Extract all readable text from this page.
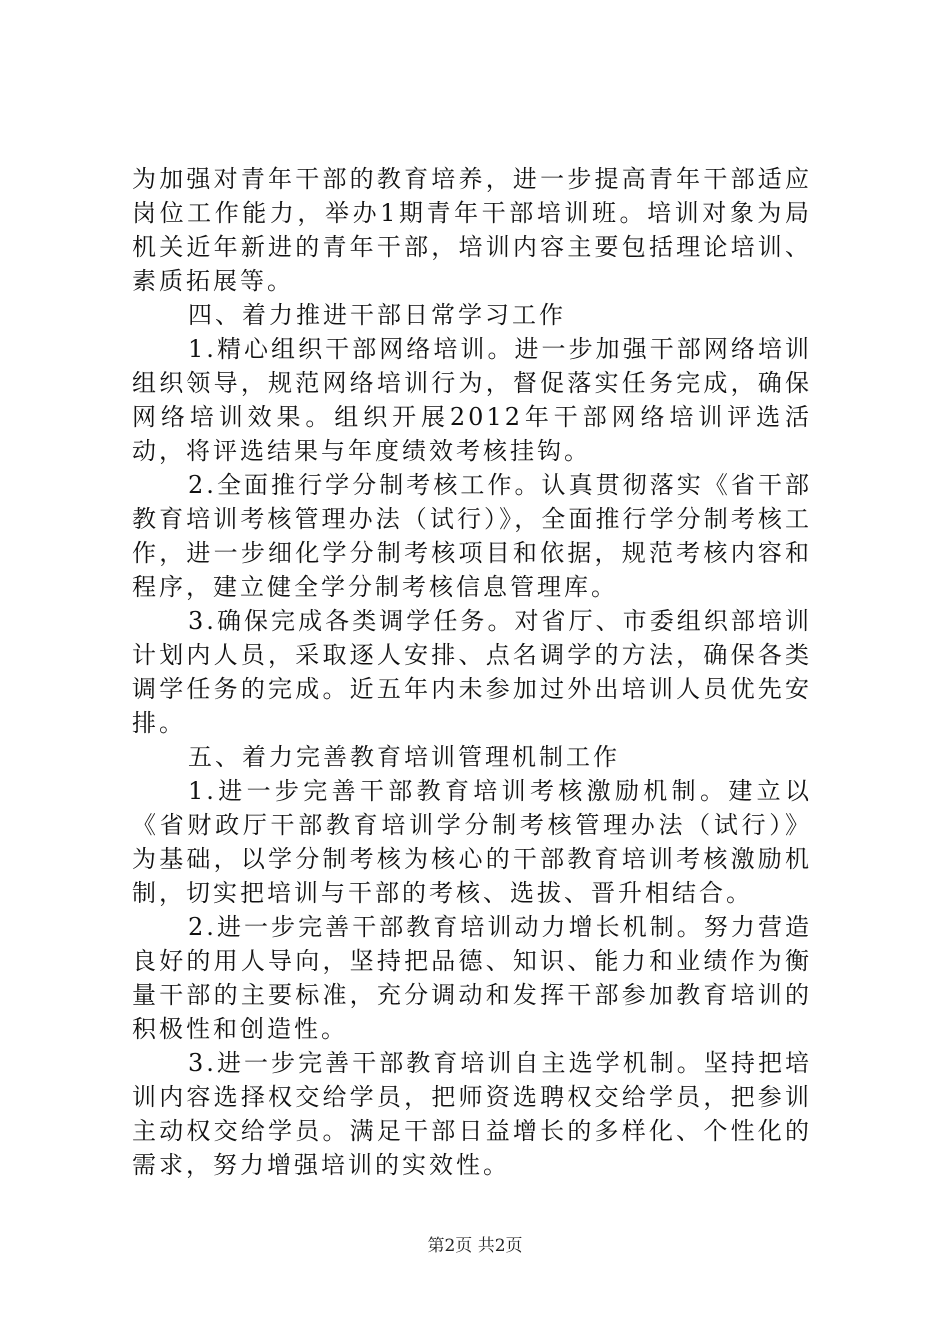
为加强对青年干部的教育培养，进一步提高青年干部适应岗位工作能力，举办1期青年干部培训班。培训对象为局机关近年新进的青年干部，培训内容主要包括理论培训、素质拓展等。

四、着力推进干部日常学习工作

1.精心组织干部网络培训。进一步加强干部网络培训组织领导，规范网络培训行为，督促落实任务完成，确保网络培训效果。组织开展2012年干部网络培训评选活动，将评选结果与年度绩效考核挂钩。

2.全面推行学分制考核工作。认真贯彻落实《省干部教育培训考核管理办法（试行）》，全面推行学分制考核工作，进一步细化学分制考核项目和依据，规范考核内容和程序，建立健全学分制考核信息管理库。

3.确保完成各类调学任务。对省厅、市委组织部培训计划内人员，采取逐人安排、点名调学的方法，确保各类调学任务的完成。近五年内未参加过外出培训人员优先安排。

五、着力完善教育培训管理机制工作

1.进一步完善干部教育培训考核激励机制。建立以《省财政厅干部教育培训学分制考核管理办法（试行）》为基础，以学分制考核为核心的干部教育培训考核激励机制，切实把培训与干部的考核、选拔、晋升相结合。

2.进一步完善干部教育培训动力增长机制。努力营造良好的用人导向，坚持把品德、知识、能力和业绩作为衡量干部的主要标准，充分调动和发挥干部参加教育培训的积极性和创造性。

3.进一步完善干部教育培训自主选学机制。坚持把培训内容选择权交给学员，把师资选聘权交给学员，把参训主动权交给学员。满足干部日益增长的多样化、个性化的需求，努力增强培训的实效性。

第2页 共2页
